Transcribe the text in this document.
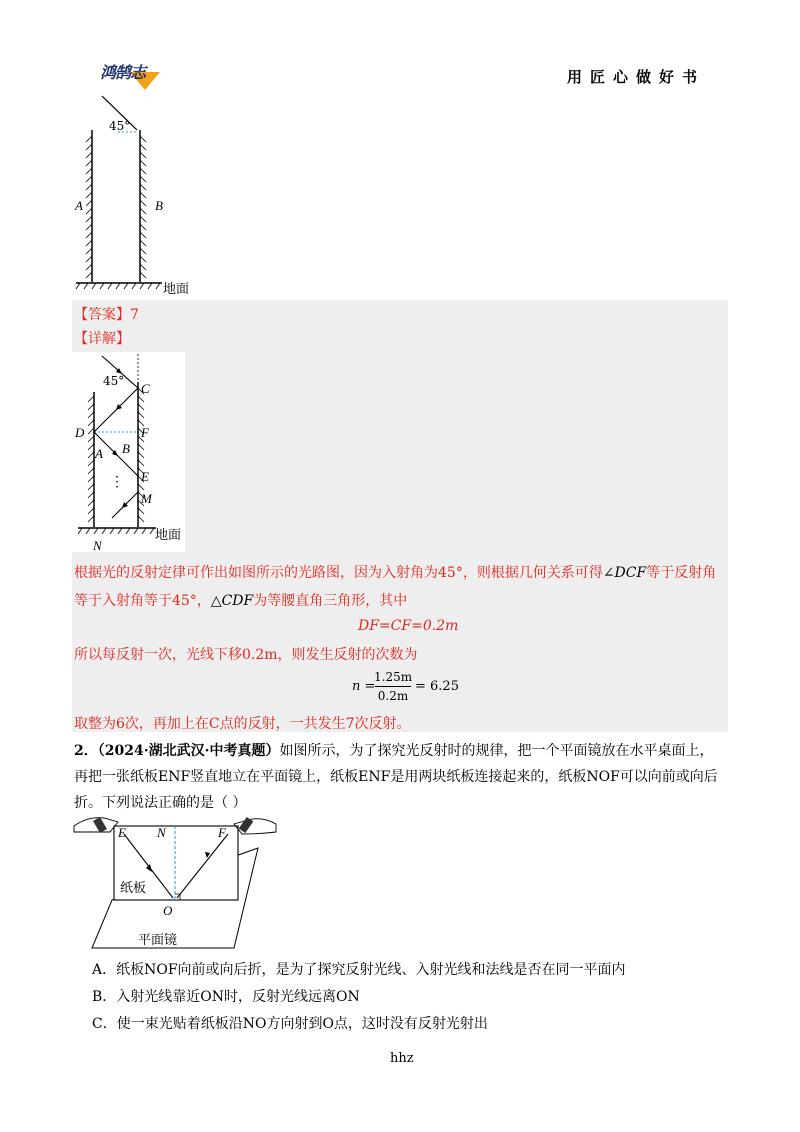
鸿鹄志	用匠心做好书
45°
A	B
地面
【答案】7
【详解】
45° C
D	F
A B
E
M
N
⋮
地面
根据光的反射定律可作出如图所示的光路图，因为入射角为45°，则根据几何关系可得∠DCF等于反射角
等于入射角等于45°，△CDF为等腰直角三角形，其中
DF=CF=0.2m
所以每反射一次，光线下移0.2m，则发生反射的次数为
n =
1.25m
0.2m
= 6.25
取整为6次，再加上在C点的反射，一共发生7次反射。
2．（2024·湖北武汉·中考真题）如图所示，为了探究光反射时的规律，把一个平面镜放在水平桌面上，
再把一张纸板ENF竖直地立在平面镜上，纸板ENF是用两块纸板连接起来的，纸板NOF可以向前或向后
折。下列说法正确的是（ ）
E N	F
O
纸板
平面镜
A．纸板NOF向前或向后折，是为了探究反射光线、入射光线和法线是否在同一平面内
B．入射光线靠近ON时，反射光线远离ON
C．使一束光贴着纸板沿NO方向射到O点，这时没有反射光射出
hhz
